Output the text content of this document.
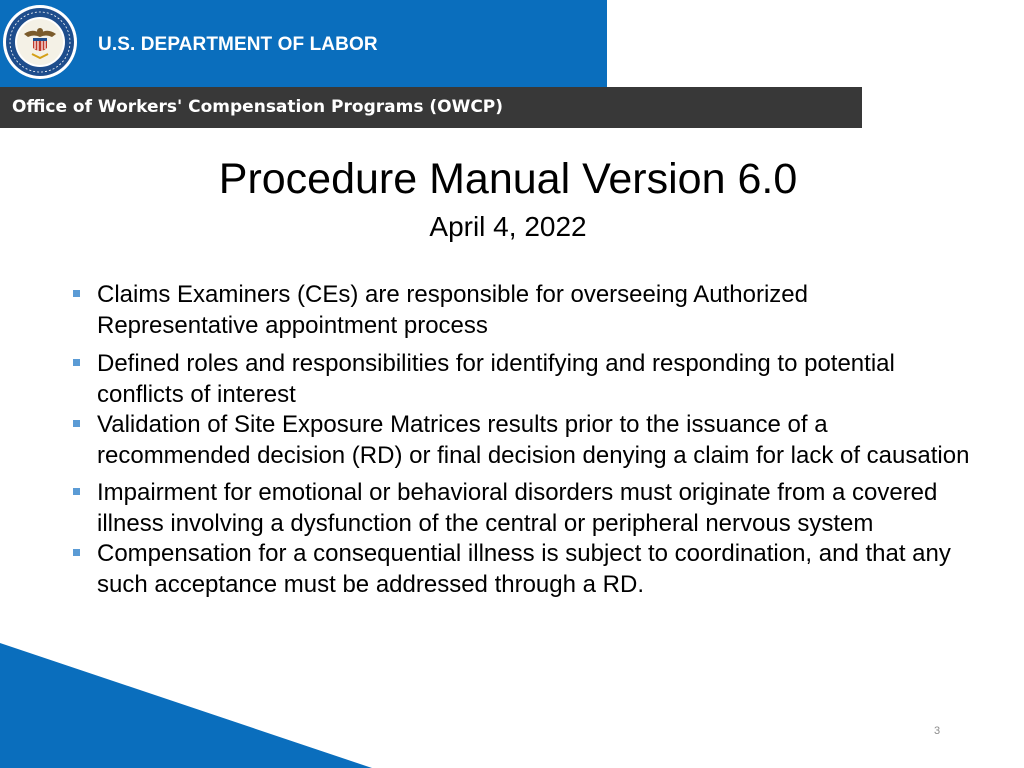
U.S. DEPARTMENT OF LABOR
Office of Workers' Compensation Programs (OWCP)
Procedure Manual Version 6.0
April 4, 2022
Claims Examiners (CEs) are responsible for overseeing Authorized Representative appointment process
Defined roles and responsibilities for identifying and responding to potential conflicts of interest
Validation of Site Exposure Matrices results prior to the issuance of a recommended decision (RD) or final decision denying a claim for lack of causation
Impairment for emotional or behavioral disorders must originate from a covered illness involving a dysfunction of the central or peripheral nervous system
Compensation for a consequential illness is subject to coordination, and that any such acceptance must be addressed through a RD.
3
